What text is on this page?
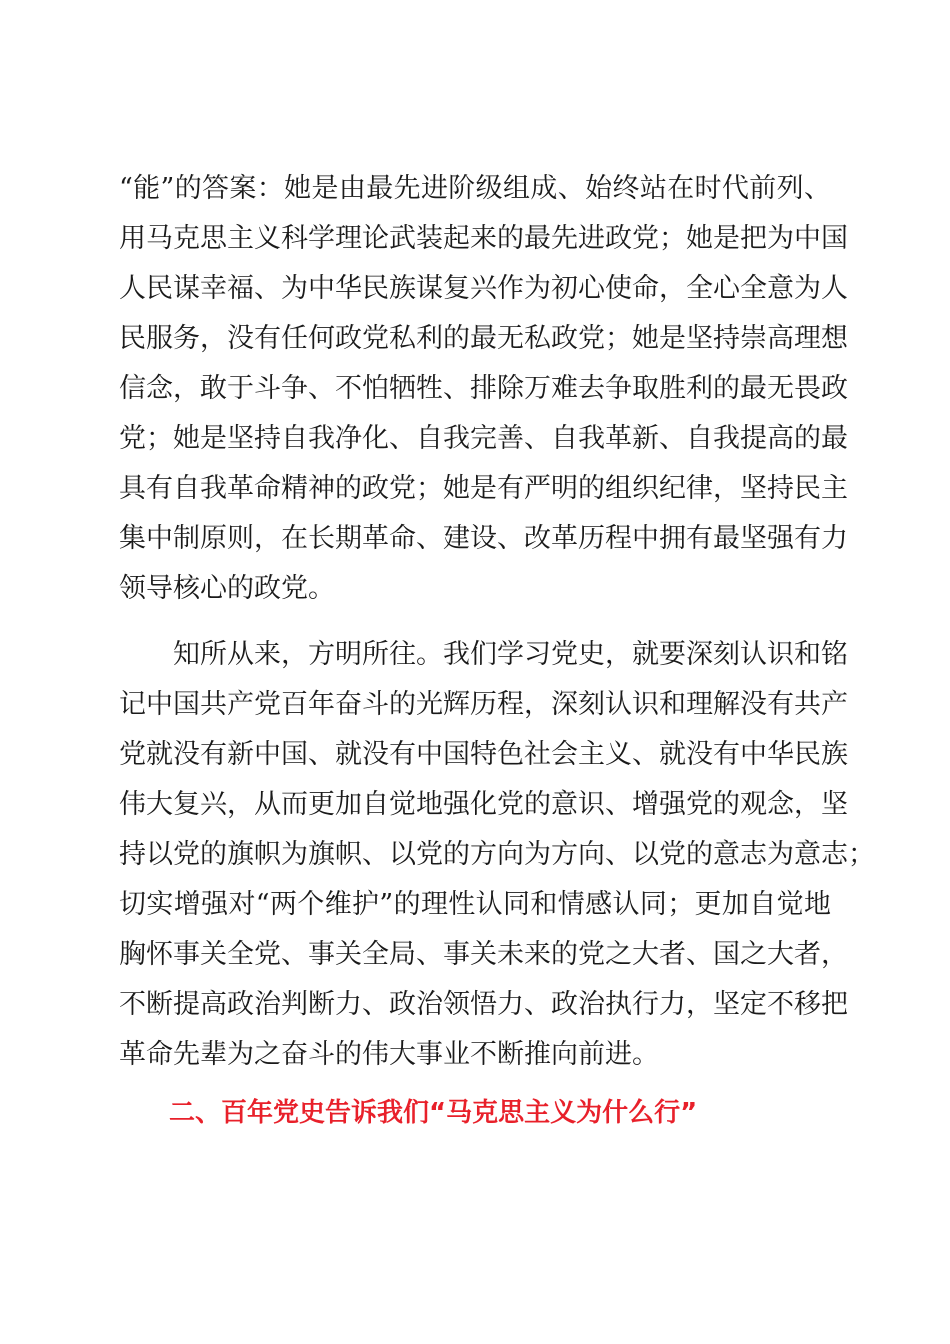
“能”的答案：她是由最先进阶级组成、始终站在时代前列、

用马克思主义科学理论武装起来的最先进政党；她是把为中国

人民谋幸福、为中华民族谋复兴作为初心使命，全心全意为人

民服务，没有任何政党私利的最无私政党；她是坚持崇高理想

信念，敢于斗争、不怕牺牲、排除万难去争取胜利的最无畏政

党；她是坚持自我净化、自我完善、自我革新、自我提高的最

具有自我革命精神的政党；她是有严明的组织纪律，坚持民主

集中制原则，在长期革命、建设、改革历程中拥有最坚强有力

领导核心的政党。

知所从来，方明所往。我们学习党史，就要深刻认识和铭

记中国共产党百年奋斗的光辉历程，深刻认识和理解没有共产

党就没有新中国、就没有中国特色社会主义、就没有中华民族

伟大复兴，从而更加自觉地强化党的意识、增强党的观念，坚

持以党的旗帜为旗帜、以党的方向为方向、以党的意志为意志；

切实增强对“两个维护”的理性认同和情感认同；更加自觉地

胸怀事关全党、事关全局、事关未来的党之大者、国之大者，

不断提高政治判断力、政治领悟力、政治执行力，坚定不移把

革命先辈为之奋斗的伟大事业不断推向前进。

二、百年党史告诉我们“马克思主义为什么行”
